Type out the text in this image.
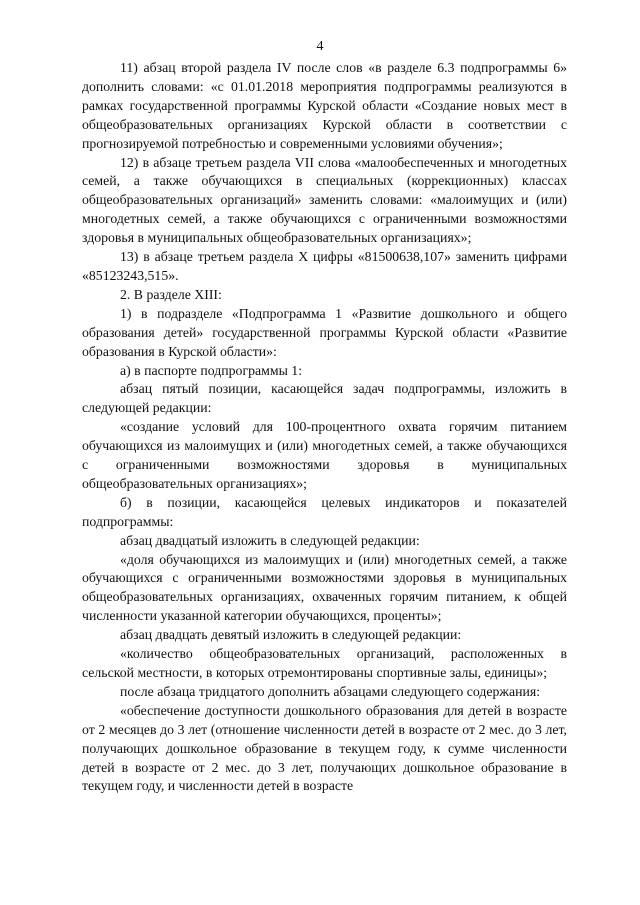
4

11) абзац второй раздела IV после слов «в разделе 6.3 подпрограммы 6» дополнить словами: «с 01.01.2018 мероприятия подпрограммы реализуются в рамках государственной программы Курской области «Создание новых мест в общеобразовательных организациях Курской области в соответствии с прогнозируемой потребностью и современными условиями обучения»;

12) в абзаце третьем раздела VII слова «малообеспеченных и многодетных семей, а также обучающихся в специальных (коррекционных) классах общеобразовательных организаций» заменить словами: «малоимущих и (или) многодетных семей, а также обучающихся с ограниченными возможностями здоровья в муниципальных общеобразовательных организациях»;

13) в абзаце третьем раздела X цифры «81500638,107» заменить цифрами «85123243,515».

2. В разделе XIII:

1) в подразделе «Подпрограмма 1 «Развитие дошкольного и общего образования детей» государственной программы Курской области «Развитие образования в Курской области»:

а) в паспорте подпрограммы 1:

абзац пятый позиции, касающейся задач подпрограммы, изложить в следующей редакции:

«создание условий для 100-процентного охвата горячим питанием обучающихся из малоимущих и (или) многодетных семей, а также обучающихся с ограниченными возможностями здоровья в муниципальных общеобразовательных организациях»;

б) в позиции, касающейся целевых индикаторов и показателей подпрограммы:

абзац двадцатый изложить в следующей редакции:

«доля обучающихся из малоимущих и (или) многодетных семей, а также обучающихся с ограниченными возможностями здоровья в муниципальных общеобразовательных организациях, охваченных горячим питанием, к общей численности указанной категории обучающихся, проценты»;

абзац двадцать девятый изложить в следующей редакции:

«количество общеобразовательных организаций, расположенных в сельской местности, в которых отремонтированы спортивные залы, единицы»;

после абзаца тридцатого дополнить абзацами следующего содержания:

«обеспечение доступности дошкольного образования для детей в возрасте от 2 месяцев до 3 лет (отношение численности детей в возрасте от 2 мес. до 3 лет, получающих дошкольное образование в текущем году, к сумме численности детей в возрасте от 2 мес. до 3 лет, получающих дошкольное образование в текущем году, и численности детей в возрасте
